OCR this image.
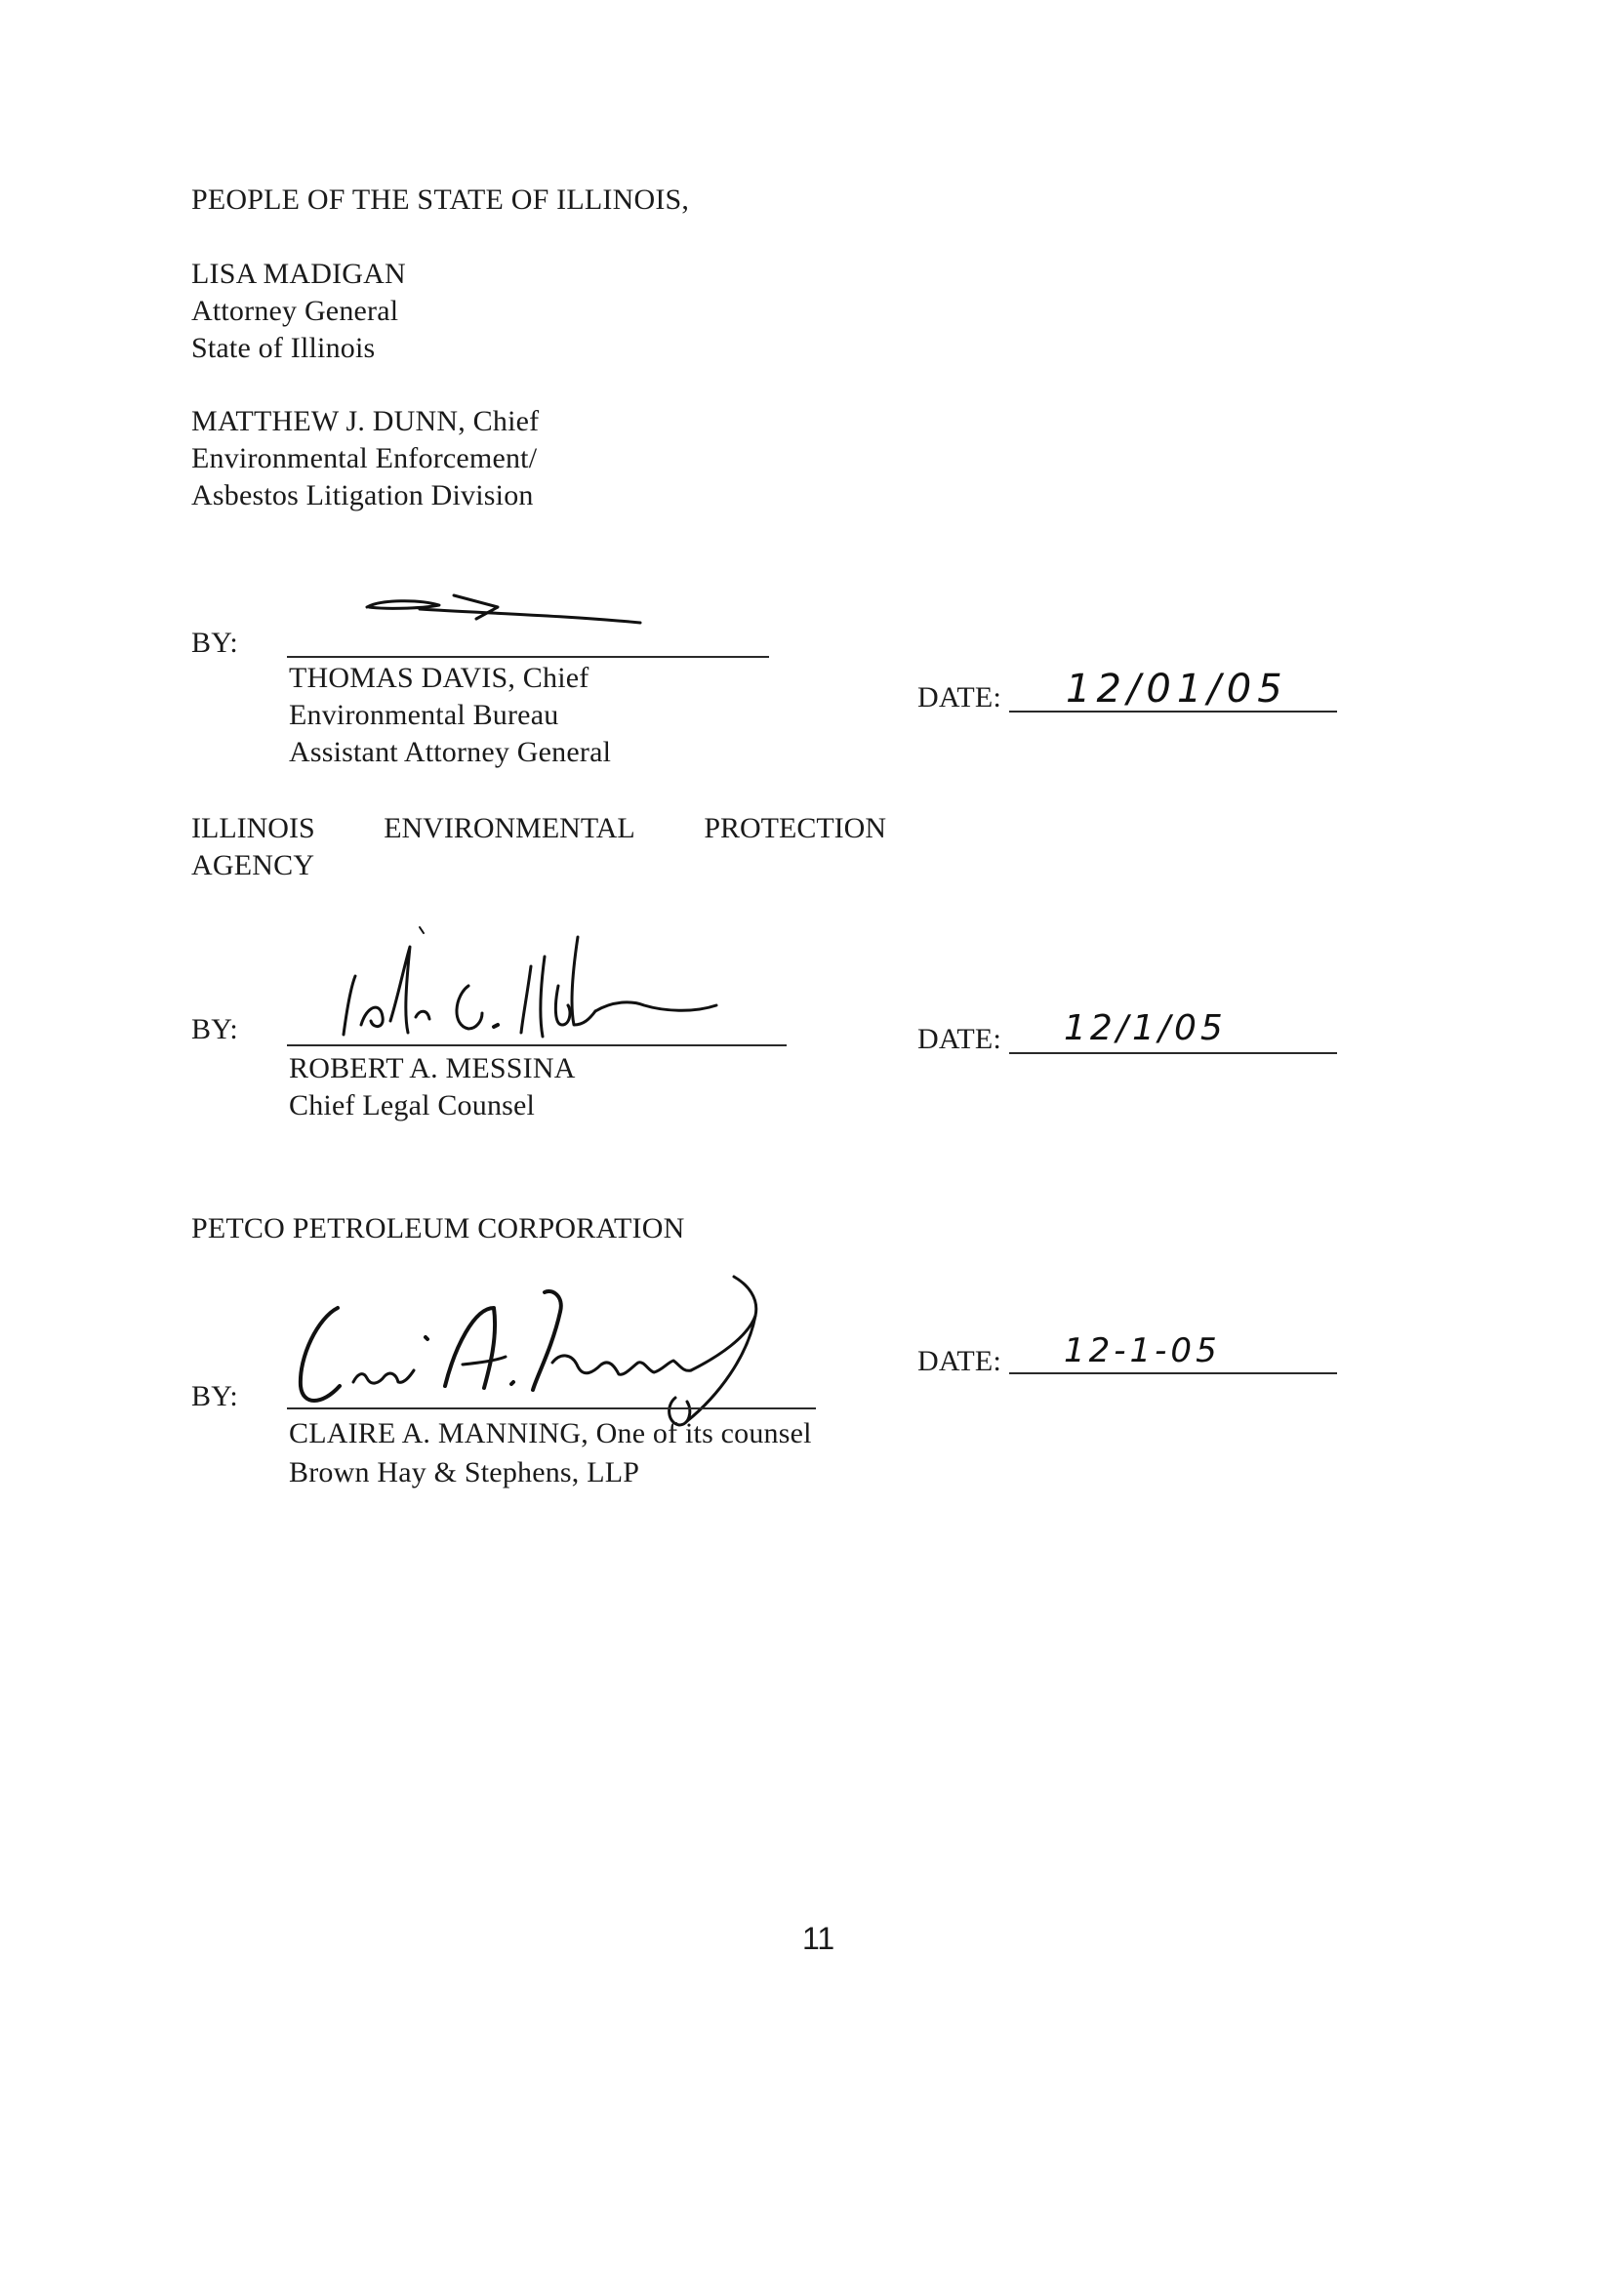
PEOPLE OF THE STATE OF ILLINOIS,
LISA MADIGAN
Attorney General
State of Illinois
MATTHEW J. DUNN, Chief
Environmental Enforcement/
Asbestos Litigation Division
BY:
THOMAS DAVIS, Chief
Environmental Bureau
Assistant Attorney General
DATE: 12/01/05
ILLINOIS ENVIRONMENTAL PROTECTION
AGENCY
BY:
ROBERT A. MESSINA
Chief Legal Counsel
DATE: 12/1/05
PETCO PETROLEUM CORPORATION
BY:
CLAIRE A. MANNING, One of its counsel
Brown Hay & Stephens, LLP
DATE: 12-1-05
11
